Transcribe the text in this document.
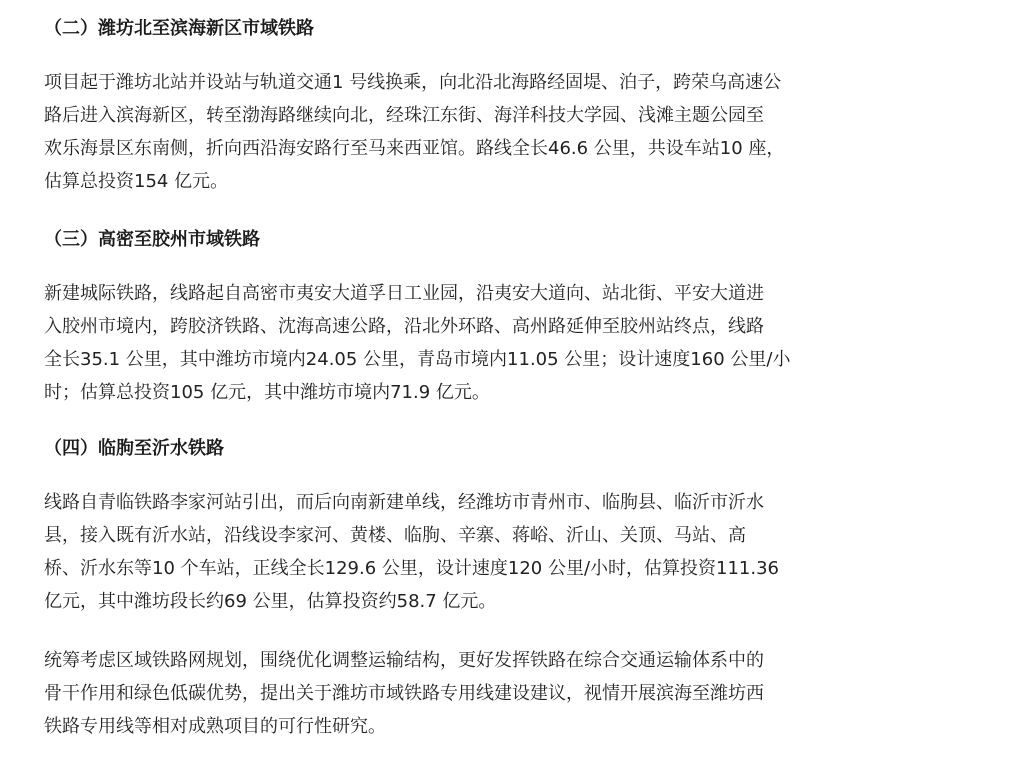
（二）潍坊北至滨海新区市域铁路
项目起于潍坊北站并设站与轨道交通1 号线换乘，向北沿北海路经固堤、泊子，跨荣乌高速公
路后进入滨海新区，转至渤海路继续向北，经珠江东街、海洋科技大学园、浅滩主题公园至
欢乐海景区东南侧，折向西沿海安路行至马来西亚馆。路线全长46.6 公里，共设车站10 座，
估算总投资154 亿元。
（三）高密至胶州市域铁路
新建城际铁路，线路起自高密市夷安大道孚日工业园，沿夷安大道向、站北街、平安大道进
入胶州市境内，跨胶济铁路、沈海高速公路，沿北外环路、高州路延伸至胶州站终点，线路
全长35.1 公里，其中潍坊市境内24.05 公里，青岛市境内11.05 公里；设计速度160 公里/小
时；估算总投资105 亿元，其中潍坊市境内71.9 亿元。
（四）临朐至沂水铁路
线路自青临铁路李家河站引出，而后向南新建单线，经潍坊市青州市、临朐县、临沂市沂水
县，接入既有沂水站，沿线设李家河、黄楼、临朐、辛寨、蒋峪、沂山、关顶、马站、高
桥、沂水东等10 个车站，正线全长129.6 公里，设计速度120 公里/小时，估算投资111.36
亿元，其中潍坊段长约69 公里，估算投资约58.7 亿元。
统筹考虑区域铁路网规划，围绕优化调整运输结构，更好发挥铁路在综合交通运输体系中的
骨干作用和绿色低碳优势，提出关于潍坊市域铁路专用线建设建议，视情开展滨海至潍坊西
铁路专用线等相对成熟项目的可行性研究。
